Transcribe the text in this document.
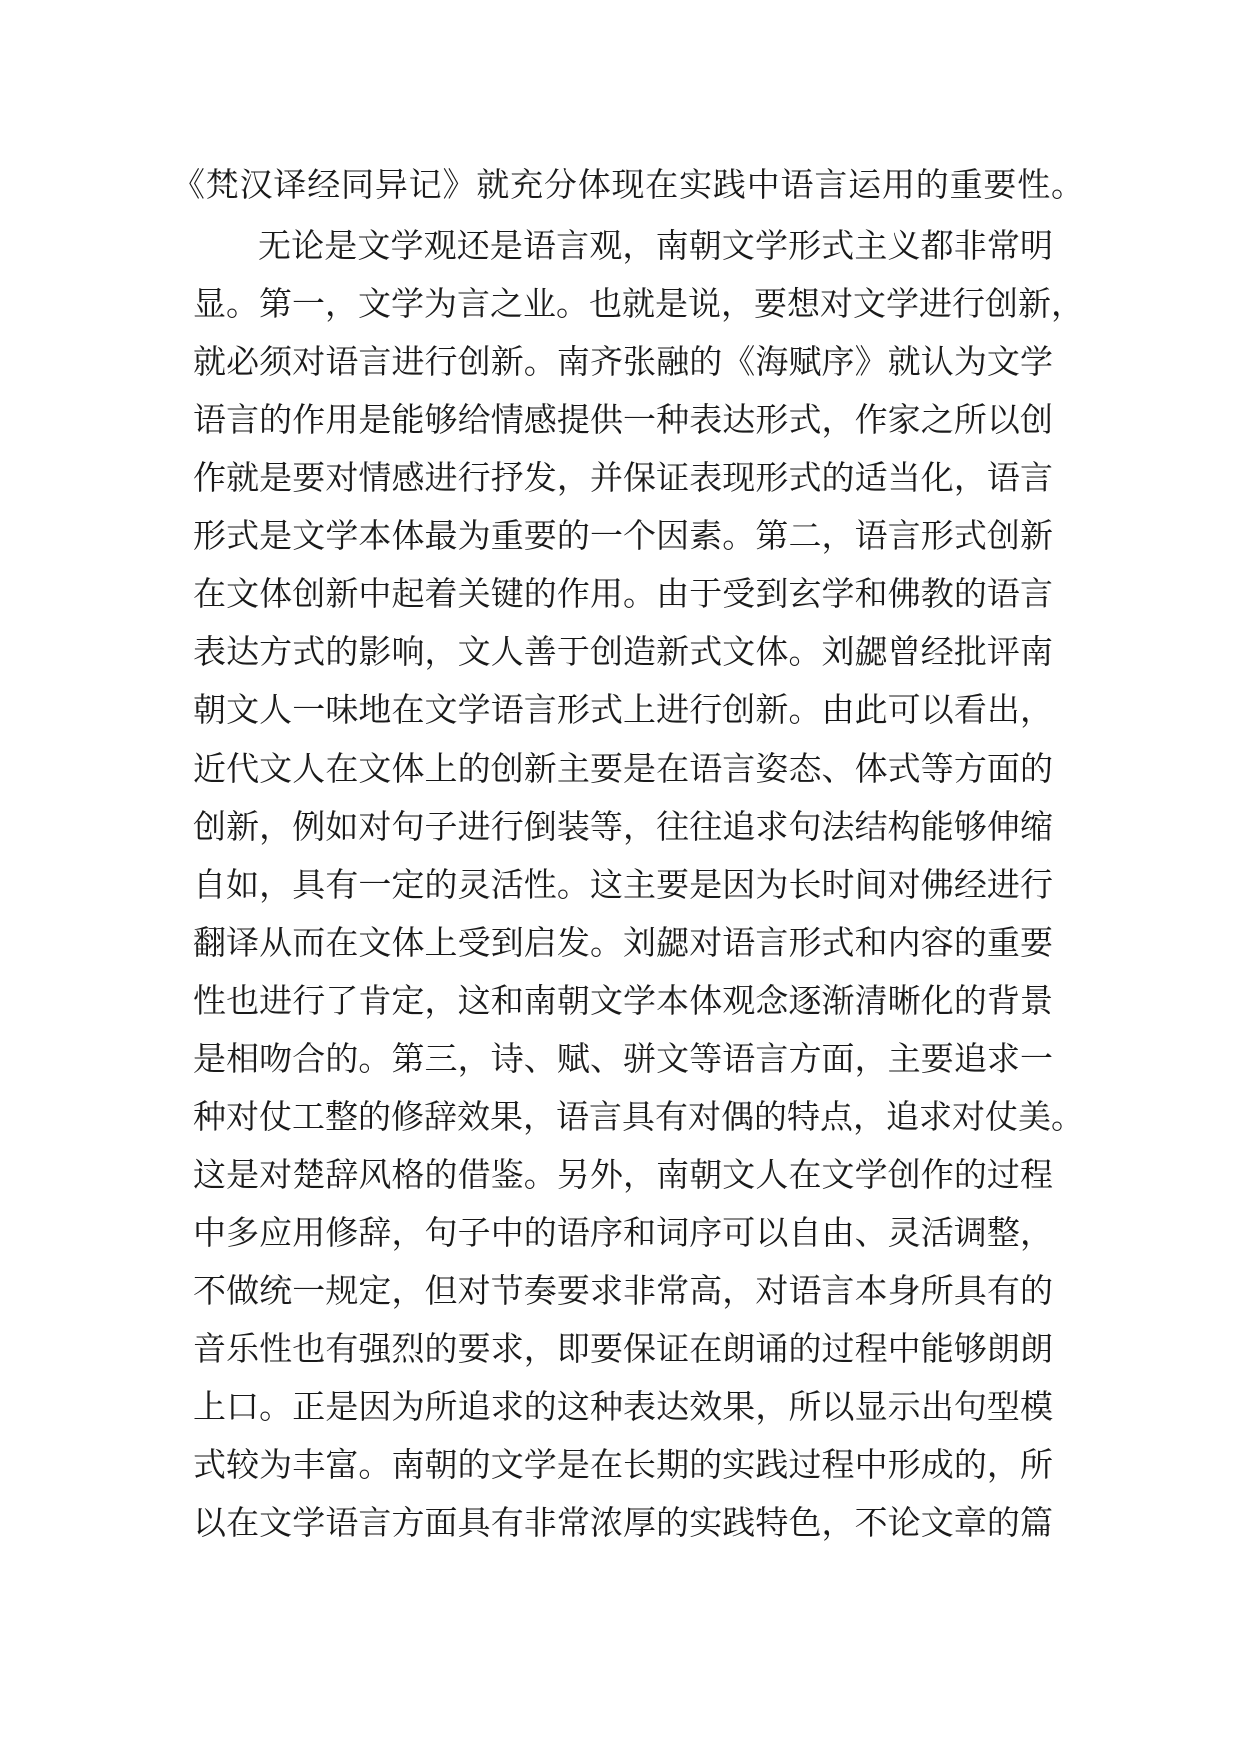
《梵汉译经同异记》就充分体现在实践中语言运用的重要性。
无论是文学观还是语言观，南朝文学形式主义都非常明
显。第一，文学为言之业。也就是说，要想对文学进行创新，
就必须对语言进行创新。南齐张融的《海赋序》就认为文学
语言的作用是能够给情感提供一种表达形式，作家之所以创
作就是要对情感进行抒发，并保证表现形式的适当化，语言
形式是文学本体最为重要的一个因素。第二，语言形式创新
在文体创新中起着关键的作用。由于受到玄学和佛教的语言
表达方式的影响，文人善于创造新式文体。刘勰曾经批评南
朝文人一味地在文学语言形式上进行创新。由此可以看出，
近代文人在文体上的创新主要是在语言姿态、体式等方面的
创新，例如对句子进行倒装等，往往追求句法结构能够伸缩
自如，具有一定的灵活性。这主要是因为长时间对佛经进行
翻译从而在文体上受到启发。刘勰对语言形式和内容的重要
性也进行了肯定，这和南朝文学本体观念逐渐清晰化的背景
是相吻合的。第三，诗、赋、骈文等语言方面，主要追求一
种对仗工整的修辞效果，语言具有对偶的特点，追求对仗美。
这是对楚辞风格的借鉴。另外，南朝文人在文学创作的过程
中多应用修辞，句子中的语序和词序可以自由、灵活调整，
不做统一规定，但对节奏要求非常高，对语言本身所具有的
音乐性也有强烈的要求，即要保证在朗诵的过程中能够朗朗
上口。正是因为所追求的这种表达效果，所以显示出句型模
式较为丰富。南朝的文学是在长期的实践过程中形成的，所
以在文学语言方面具有非常浓厚的实践特色，不论文章的篇
